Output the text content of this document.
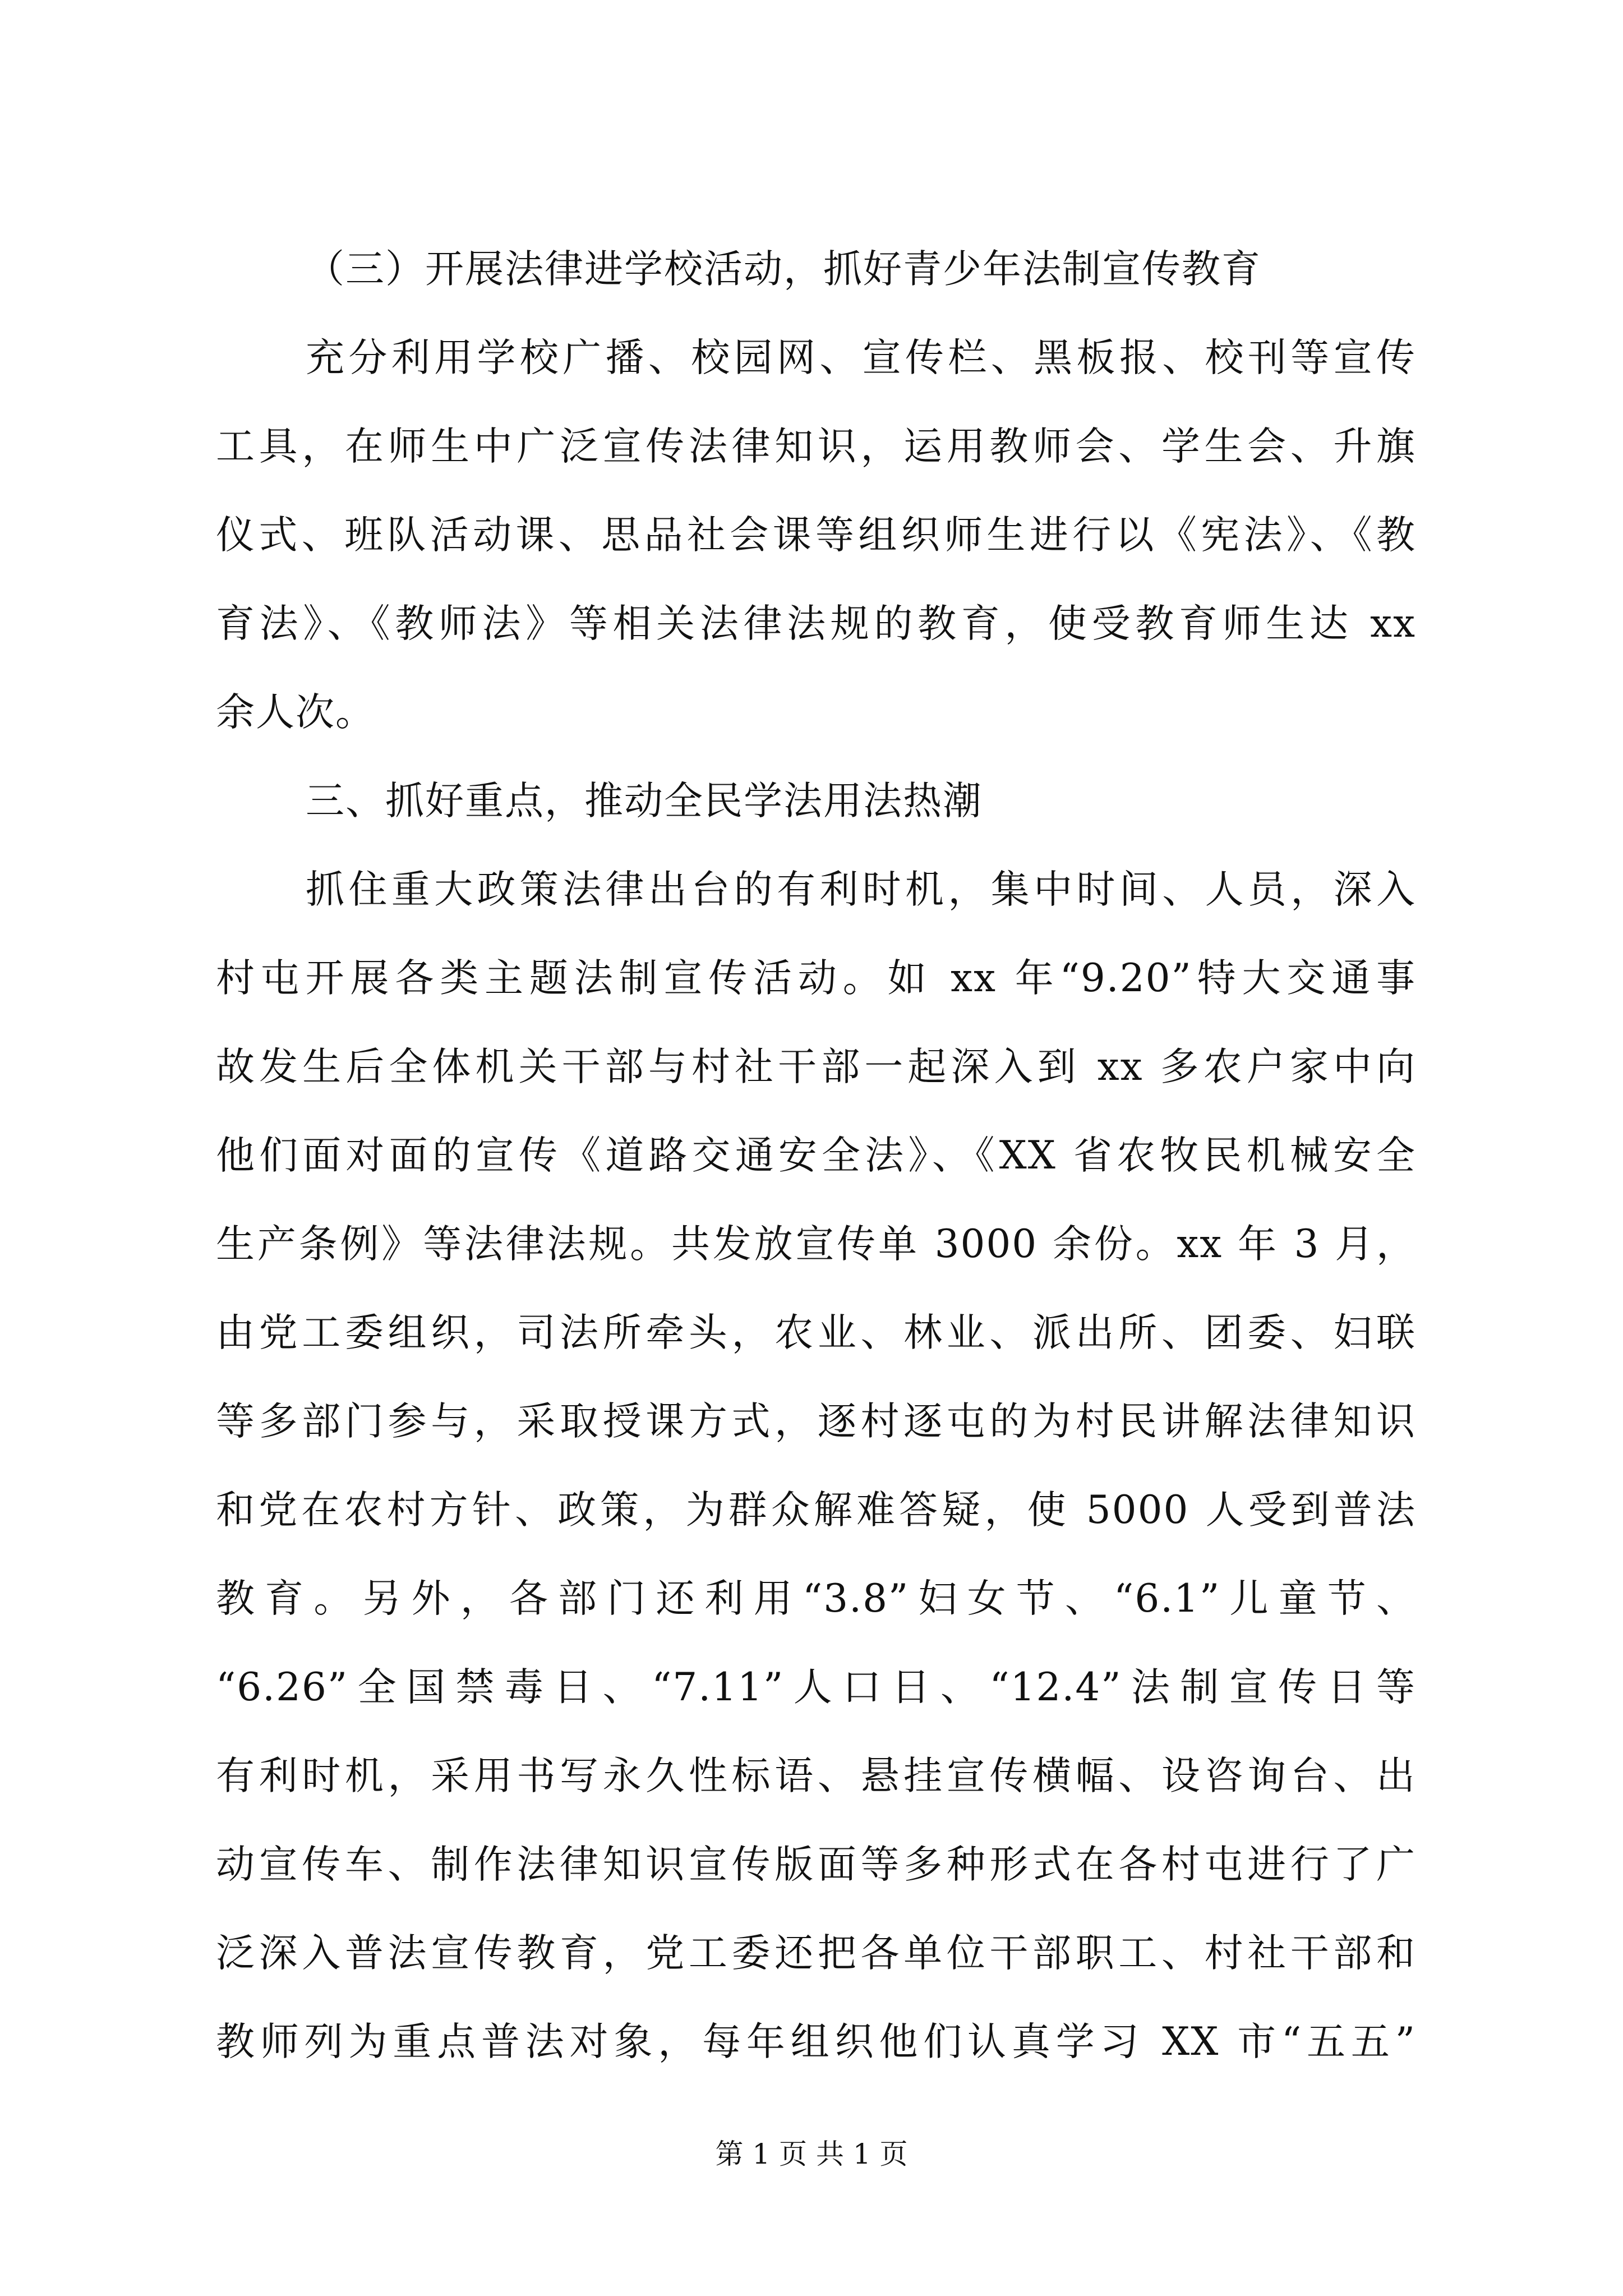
（三）开展法律进学校活动，抓好青少年法制宣传教育
充分利用学校广播、校园网、宣传栏、黑板报、校刊等宣传
工具，在师生中广泛宣传法律知识，运用教师会、学生会、升旗
仪式、班队活动课、思品社会课等组织师生进行以《宪法》、《教
育法》、《教师法》等相关法律法规的教育，使受教育师生达 xx
余人次。
三、抓好重点，推动全民学法用法热潮
抓住重大政策法律出台的有利时机，集中时间、人员，深入
村屯开展各类主题法制宣传活动。如 xx 年“9.20”特大交通事
故发生后全体机关干部与村社干部一起深入到 xx 多农户家中向
他们面对面的宣传《道路交通安全法》、《XX 省农牧民机械安全
生产条例》等法律法规。共发放宣传单 3000 余份。xx 年 3 月，
由党工委组织，司法所牵头，农业、林业、派出所、团委、妇联
等多部门参与，采取授课方式，逐村逐屯的为村民讲解法律知识
和党在农村方针、政策，为群众解难答疑，使 5000 人受到普法
教育。另外，各部门还利用“3.8”妇女节、“6.1”儿童节、
“6.26”全国禁毒日、“7.11”人口日、“12.4”法制宣传日等
有利时机，采用书写永久性标语、悬挂宣传横幅、设咨询台、出
动宣传车、制作法律知识宣传版面等多种形式在各村屯进行了广
泛深入普法宣传教育，党工委还把各单位干部职工、村社干部和
教师列为重点普法对象，每年组织他们认真学习 XX 市“五五”
第 1 页 共 1 页
